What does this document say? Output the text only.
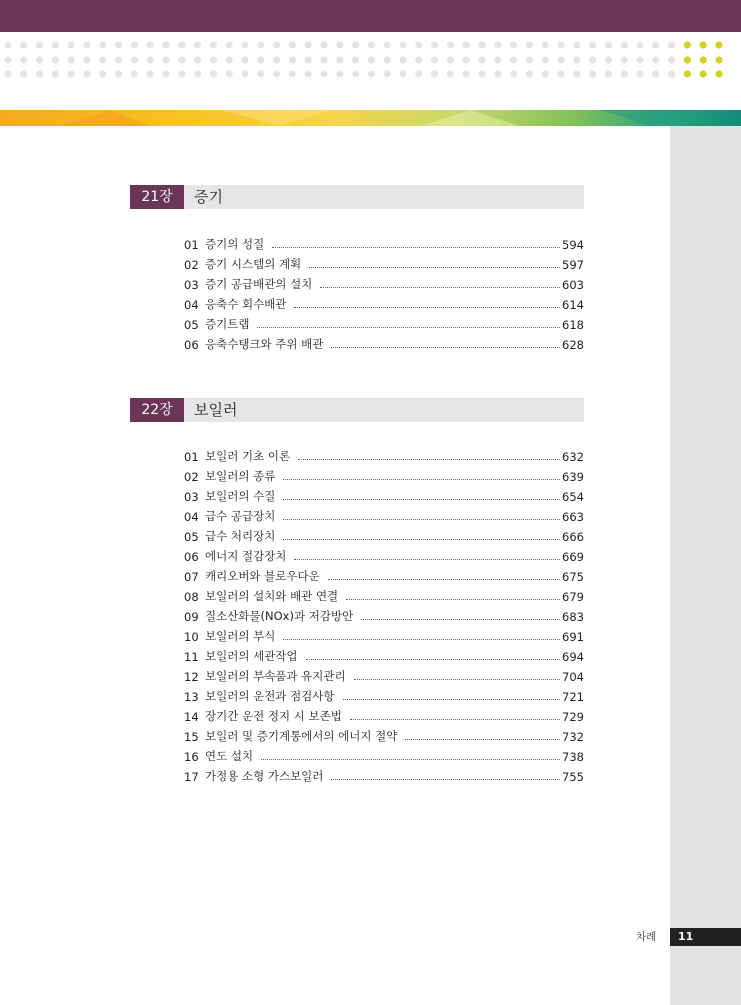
21장	증기
01 증기의 성질	594
02 증기 시스템의 계획	597
03 증기 공급배관의 설치	603
04 응축수 회수배관	614
05 증기트랩	618
06 응축수탱크와 주위 배관	628
22장	보일러
01 보일러 기초 이론	632
02 보일러의 종류	639
03 보일러의 수질	654
04 급수 공급장치	663
05 급수 처리장치	666
06 에너지 절감장치	669
07 캐리오버와 블로우다운	675
08 보일러의 설치와 배관 연결	679
09 질소산화물(NOx)과 저감방안	683
10 보일러의 부식	691
11 보일러의 세관작업	694
12 보일러의 부속품과 유지관리	704
13 보일러의 운전과 점검사항	721
14 장기간 운전 정지 시 보존법	729
15 보일러 및 증기계통에서의 에너지 절약	732
16 연도 설치	738
17 가정용 소형 가스보일러	755
차례	11
